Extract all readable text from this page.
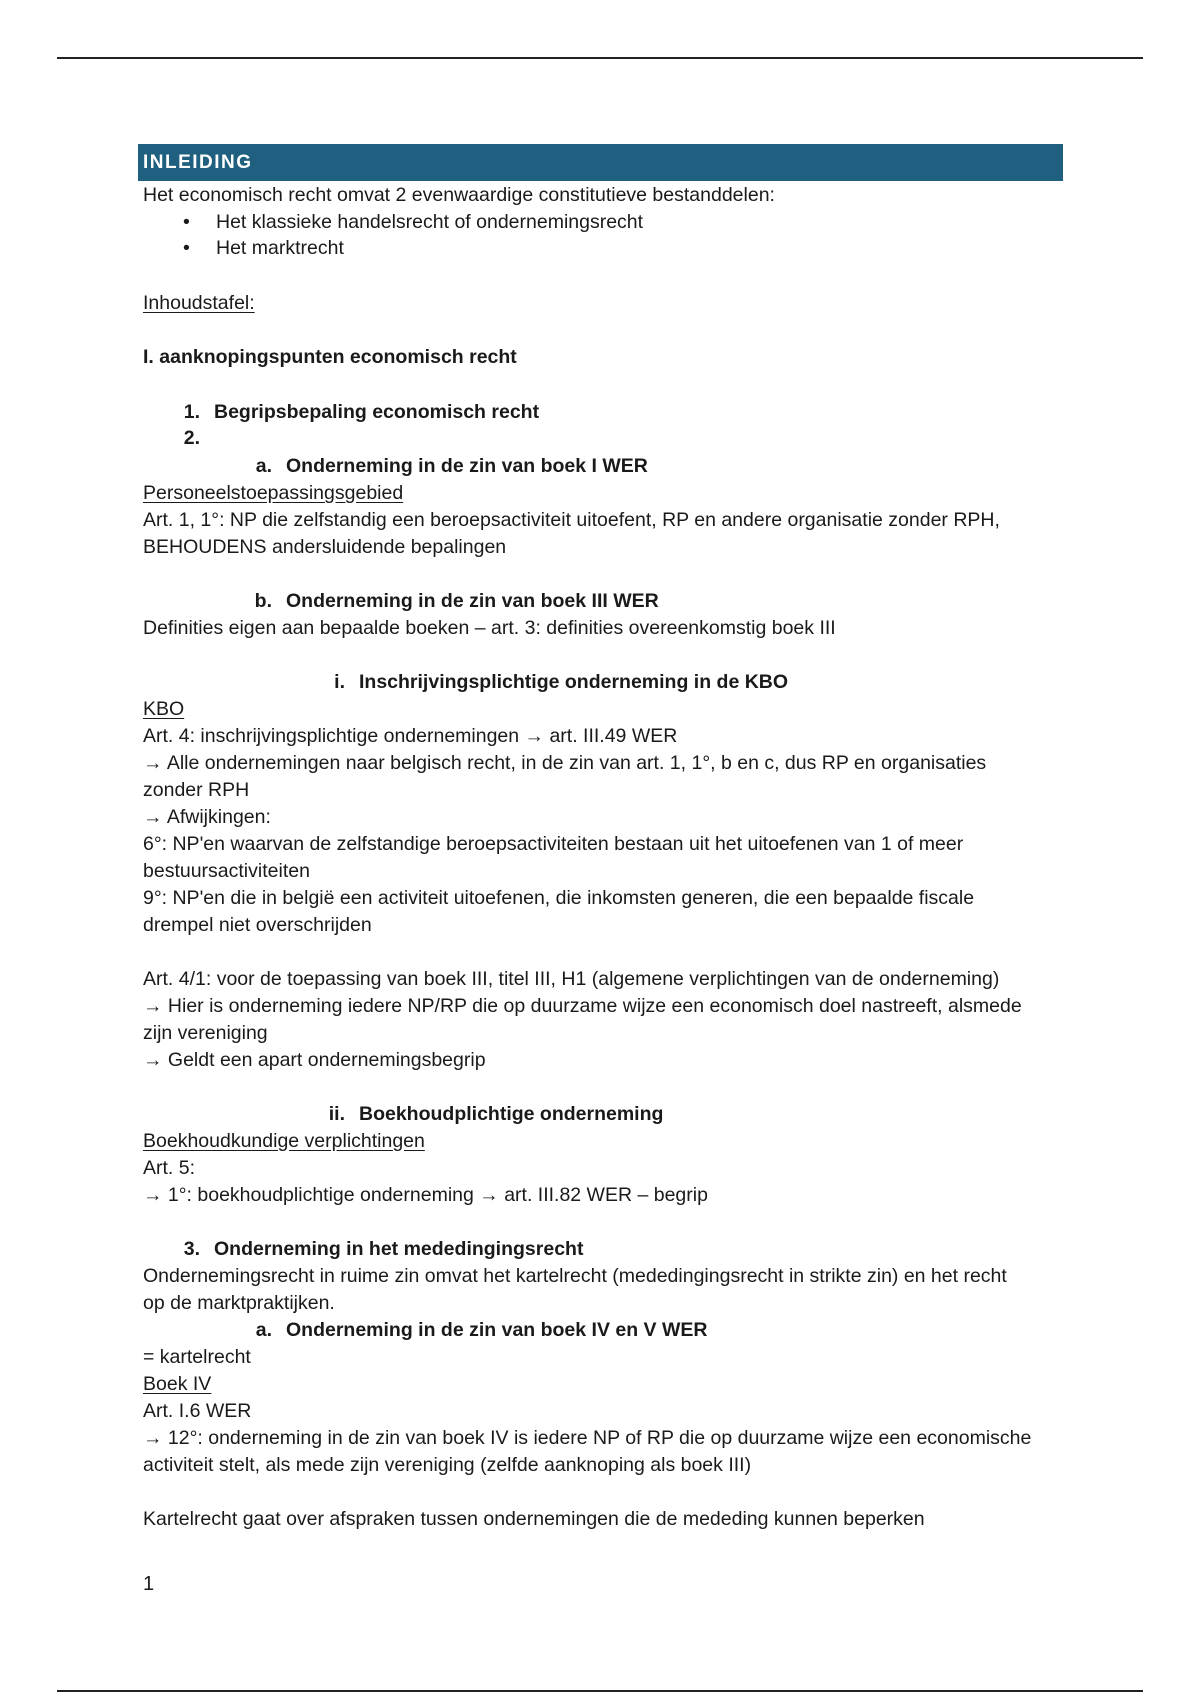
INLEIDING
Het economisch recht omvat 2 evenwaardige constitutieve bestanddelen:
• Het klassieke handelsrecht of ondernemingsrecht
• Het marktrecht
Inhoudstafel:
I. aanknopingspunten economisch recht
1. Begripsbepaling economisch recht
2.
a. Onderneming in de zin van boek I WER
Personeelstoepassingsgebied
Art. 1, 1°: NP die zelfstandig een beroepsactiviteit uitoefent, RP en andere organisatie zonder RPH,
BEHOUDENS andersluidende bepalingen
b. Onderneming in de zin van boek III WER
Definities eigen aan bepaalde boeken – art. 3: definities overeenkomstig boek III
i. Inschrijvingsplichtige onderneming in de KBO
KBO
Art. 4: inschrijvingsplichtige ondernemingen → art. III.49 WER
→ Alle ondernemingen naar belgisch recht, in de zin van art. 1, 1°, b en c, dus RP en organisaties
zonder RPH
→ Afwijkingen:
6°: NP'en waarvan de zelfstandige beroepsactiviteiten bestaan uit het uitoefenen van 1 of meer
bestuursactiviteiten
9°: NP'en die in belgië een activiteit uitoefenen, die inkomsten generen, die een bepaalde fiscale
drempel niet overschrijden
Art. 4/1: voor de toepassing van boek III, titel III, H1 (algemene verplichtingen van de onderneming)
→ Hier is onderneming iedere NP/RP die op duurzame wijze een economisch doel nastreeft, alsmede
zijn vereniging
→ Geldt een apart ondernemingsbegrip
ii. Boekhoudplichtige onderneming
Boekhoudkundige verplichtingen
Art. 5:
→ 1°: boekhoudplichtige onderneming → art. III.82 WER – begrip
3. Onderneming in het mededingingsrecht
Ondernemingsrecht in ruime zin omvat het kartelrecht (mededingingsrecht in strikte zin) en het recht
op de marktpraktijken.
a. Onderneming in de zin van boek IV en V WER
= kartelrecht
Boek IV
Art. I.6 WER
→ 12°: onderneming in de zin van boek IV is iedere NP of RP die op duurzame wijze een economische
activiteit stelt, als mede zijn vereniging (zelfde aanknoping als boek III)
Kartelrecht gaat over afspraken tussen ondernemingen die de mededing kunnen beperken
1
